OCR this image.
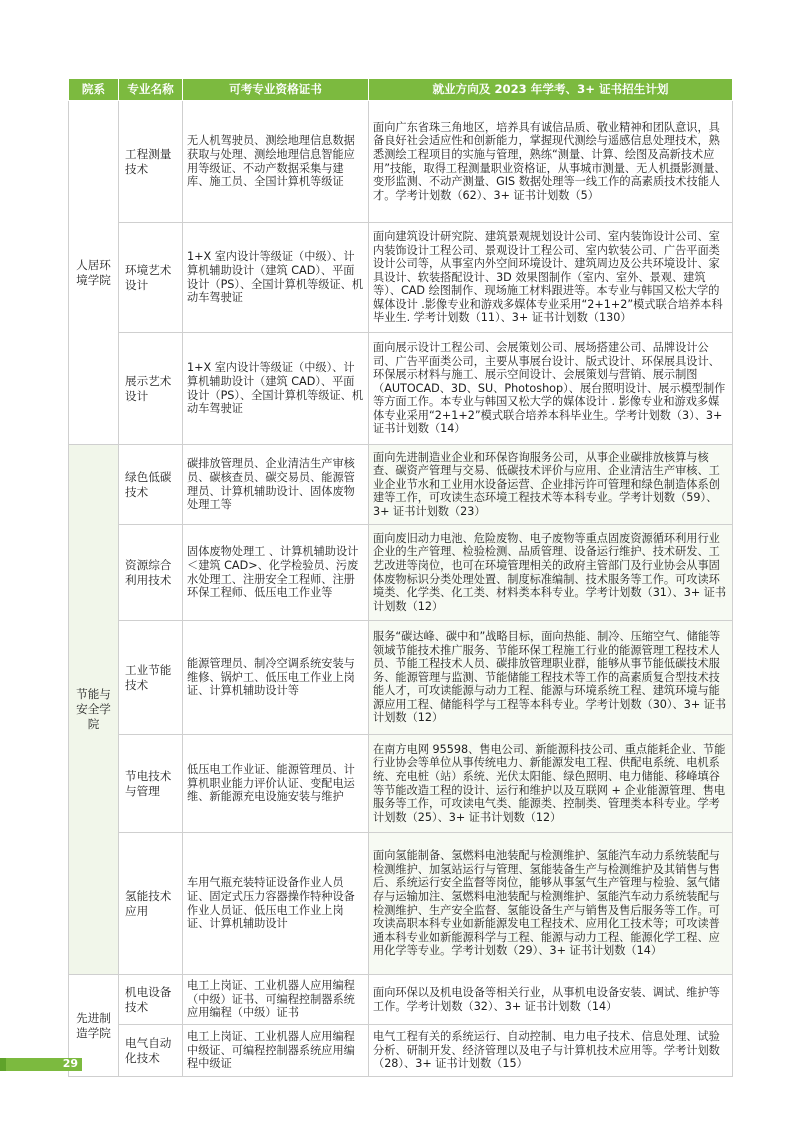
院系	专业名称	可考专业资格证书	就业方向及 2023 年学考、3+ 证书招生计划
人居环境学院	工程测量技术	无人机驾驶员、测绘地理信息数据获取与处理、测绘地理信息智能应用等级证、不动产数据采集与建库、施工员、全国计算机等级证	面向广东省珠三角地区，培养具有诚信品质、敬业精神和团队意识，具备良好社会适应性和创新能力，掌握现代测绘与遥感信息处理技术，熟悉测绘工程项目的实施与管理，熟练“测量、计算、绘图及高新技术应用”技能，取得工程测量职业资格证，从事城市测量、无人机摄影测量、变形监测、不动产测量、GIS 数据处理等一线工作的高素质技术技能人才。学考计划数（62）、3+ 证书计划数（5）
	环境艺术设计	1+X 室内设计等级证（中级）、计算机辅助设计（建筑 CAD）、平面设计（PS）、全国计算机等级证、机动车驾驶证	面向建筑设计研究院、建筑景观规划设计公司、室内装饰设计公司、室内装饰设计工程公司、景观设计工程公司、室内软装公司、广告平面类设计公司等，从事室内外空间环境设计、建筑周边及公共环境设计、家具设计、软装搭配设计、3D 效果图制作（室内、室外、景观、建筑等）、CAD 绘图制作、现场施工材料跟进等。本专业与韩国又松大学的媒体设计 .影像专业和游戏多媒体专业采用“2+1+2”模式联合培养本科毕业生. 学考计划数（11）、3+ 证书计划数（130）
	展示艺术设计	1+X 室内设计等级证（中级）、计算机辅助设计（建筑 CAD）、平面设计（PS）、全国计算机等级证、机动车驾驶证	面向展示设计工程公司、会展策划公司、展场搭建公司、品牌设计公司、广告平面类公司，主要从事展台设计、版式设计、环保展具设计、环保展示材料与施工、展示空间设计、会展策划与营销、展示制图（AUTOCAD、3D、SU、Photoshop）、展台照明设计、展示模型制作等方面工作。本专业与韩国又松大学的媒体设计 . 影像专业和游戏多媒体专业采用“2+1+2”模式联合培养本科毕业生。学考计划数（3）、3+ 证书计划数（14）
节能与安全学院	绿色低碳技术	碳排放管理员、企业清洁生产审核员、碳核查员、碳交易员、能源管理员、计算机辅助设计、固体废物处理工等	面向先进制造业企业和环保咨询服务公司，从事企业碳排放核算与核查、碳资产管理与交易、低碳技术评价与应用、企业清洁生产审核、工业企业节水和工业用水设备运营、企业排污许可管理和绿色制造体系创建等工作，可攻读生态环境工程技术等本科专业。学考计划数（59）、3+ 证书计划数（23）
	资源综合利用技术	固体废物处理工 、计算机辅助设计＜建筑 CAD>、化学检验员、污废水处理工、注册安全工程师、注册环保工程师、低压电工作业等	面向废旧动力电池、危险废物、电子废物等重点固废资源循环利用行业企业的生产管理、检验检测、品质管理、设备运行维护、技术研发、工艺改进等岗位，也可在环境管理相关的政府主管部门及行业协会从事固体废物标识分类处理处置、制度标准编制、技术服务等工作。可攻读环境类、化学类、化工类、材料类本科专业。学考计划数（31）、3+ 证书计划数（12）
	工业节能技术	能源管理员、制冷空调系统安装与维修、锅炉工、低压电工作业上岗证、计算机辅助设计等	服务“碳达峰、碳中和”战略目标，面向热能、制冷、压缩空气、储能等领域节能技术推广服务、节能环保工程施工行业的能源管理工程技术人员、节能工程技术人员、碳排放管理职业群，能够从事节能低碳技术服务、能源管理与监测、节能储能工程技术等工作的高素质复合型技术技能人才，可攻读能源与动力工程、能源与环境系统工程、建筑环境与能源应用工程、储能科学与工程等本科专业。学考计划数（30）、3+ 证书计划数（12）
	节电技术与管理	低压电工作业证、能源管理员、计算机职业能力评价认证、变配电运维、新能源充电设施安装与维护	在南方电网 95598、售电公司、新能源科技公司、重点能耗企业、节能行业协会等单位从事传统电力、新能源发电工程、供配电系统、电机系统、充电桩（站）系统、光伏太阳能、绿色照明、电力储能、移峰填谷等节能改造工程的设计、运行和维护以及互联网 + 企业能源管理、售电服务等工作，可攻读电气类、能源类、控制类、管理类本科专业。学考计划数（25）、3+ 证书计划数（12）
	氢能技术应用	车用气瓶充装特证设备作业人员证、固定式压力容器操作特种设备作业人员证、低压电工作业上岗证、计算机辅助设计	面向氢能制备、氢燃料电池装配与检测维护、氢能汽车动力系统装配与检测维护、加氢站运行与管理、氢能装备生产与检测维护及其销售与售后、系统运行安全监督等岗位，能够从事氢气生产管理与检验、氢气储存与运输加注、氢燃料电池装配与检测维护、氢能汽车动力系统装配与检测维护、生产安全监督、氢能设备生产与销售及售后服务等工作。可攻读高职本科专业如新能源发电工程技术、应用化工技术等；可攻读普通本科专业如新能源科学与工程、能源与动力工程、能源化学工程、应用化学等专业。学考计划数（29）、3+ 证书计划数（14）
先进制造学院	机电设备技术	电工上岗证、工业机器人应用编程（中级）证书、可编程控制器系统应用编程（中级）证书	面向环保以及机电设备等相关行业，从事机电设备安装、调试、维护等工作。学考计划数（32）、3+ 证书计划数（14）
	电气自动化技术	电工上岗证、工业机器人应用编程中级证、可编程控制器系统应用编程中级证	电气工程有关的系统运行、自动控制、电力电子技术、信息处理、试验分析、研制开发、经济管理以及电子与计算机技术应用等。学考计划数（28）、3+ 证书计划数（15）
29
